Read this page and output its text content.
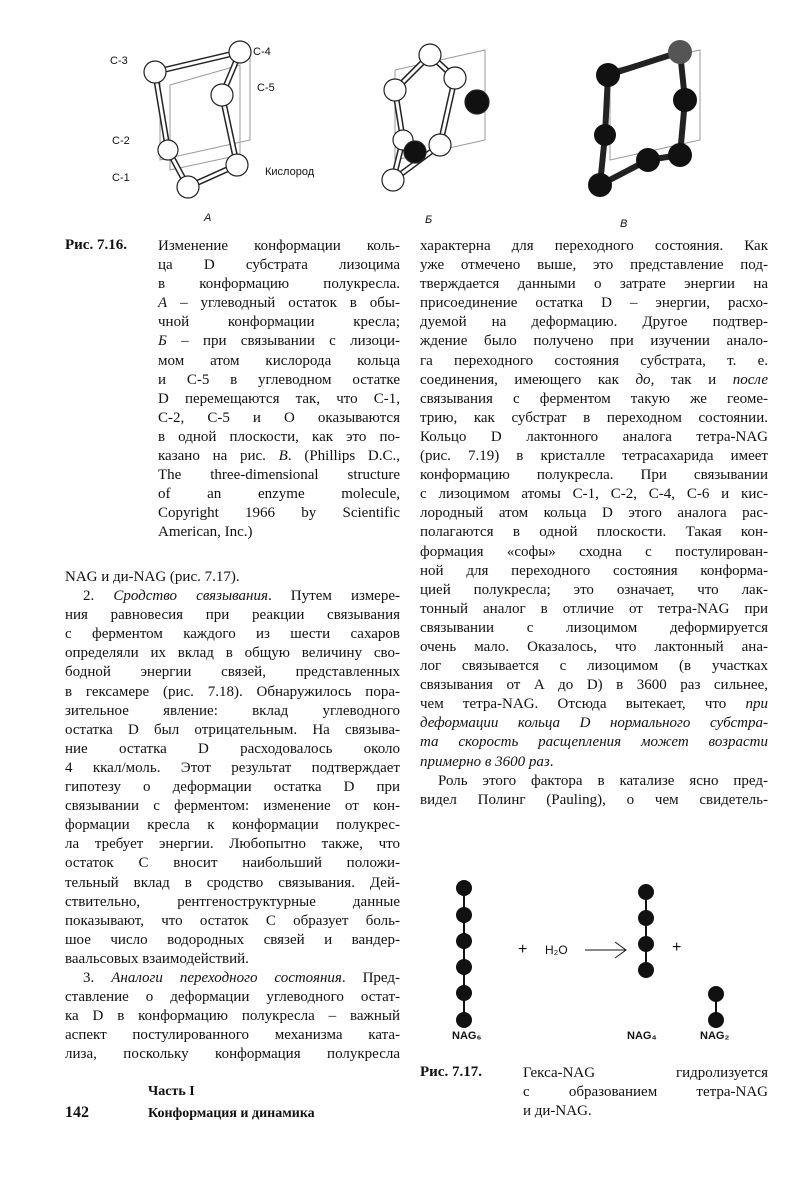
C-3
C-4
C-5
C-2
C-1	Кислород
А	Б	В
Рис. 7.16. Изменение конформации коль-
ца D субстрата лизоцима
в конформацию полукресла.
А – углеводный остаток в обы-
чной конформации кресла;
Б – при связывании с лизоци-
мом атом кислорода кольца
и С-5 в углеводном остатке
D перемещаются так, что С-1,
С-2, С-5 и О оказываются
в одной плоскости, как это по-
казано на рис. В. (Phillips D.C.,
The three-dimensional structure
of an enzyme molecule,
Copyright 1966 by Scientific
American, Inc.)
характерна для переходного состояния. Как
уже отмечено выше, это представление под-
тверждается данными о затрате энергии на
присоединение остатка D – энергии, расхо-
дуемой на деформацию. Другое подтвер-
ждение было получено при изучении анало-
га переходного состояния субстрата, т. е.
соединения, имеющего как до, так и после
связывания с ферментом такую же геоме-
трию, как субстрат в переходном состоянии.
Кольцо D лактонного аналога тетра-NAG
(рис. 7.19) в кристалле тетрасахарида имеет
конформацию полукресла. При связывании
с лизоцимом атомы С-1, С-2, С-4, С-6 и кис-
лородный атом кольца D этого аналога рас-
полагаются в одной плоскости. Такая кон-
формация «софы» сходна с постулирован-
ной для переходного состояния конформа-
цией полукресла; это означает, что лак-
тонный аналог в отличие от тетра-NAG при
связывании с лизоцимом деформируется
очень мало. Оказалось, что лактонный ана-
лог связывается с лизоцимом (в участках
связывания от А до D) в 3600 раз сильнее,
чем тетра-NAG. Отсюда вытекает, что при
деформации кольца D нормального субстра-
та скорость расщепления может возрасти
примерно в 3600 раз.
Роль этого фактора в катализе ясно пред-
видел Полинг (Pauling), о чем свидетель-
NAG и ди-NAG (рис. 7.17).
2. Сродство связывания. Путем измере-
ния равновесия при реакции связывания
с ферментом каждого из шести сахаров
определяли их вклад в общую величину сво-
бодной энергии связей, представленных
в гексамере (рис. 7.18). Обнаружилось пора-
зительное явление: вклад углеводного
остатка D был отрицательным. На связыва-
ние остатка D расходовалось около
4 ккал/моль. Этот результат подтверждает
гипотезу о деформации остатка D при
связывании с ферментом: изменение от кон-
формации кресла к конформации полукрес-
ла требует энергии. Любопытно также, что
остаток С вносит наибольший положи-
тельный вклад в сродство связывания. Дей-
ствительно, рентгеноструктурные данные
показывают, что остаток С образует боль-
шое число водородных связей и вандер-
ваальсовых взаимодействий.
3. Аналоги переходного состояния. Пред-
ставление о деформации углеводного остат-
ка D в конформацию полукресла – важный
аспект постулированного механизма ката-
лиза, поскольку конформация полукресла
+ H₂O	+
NAG₆	NAG₄	NAG₂
Рис. 7.17.	Гекса-NAG гидролизуется
с образованием тетра-NAG
и ди-NAG.
Часть I
142	Конформация и динамика
